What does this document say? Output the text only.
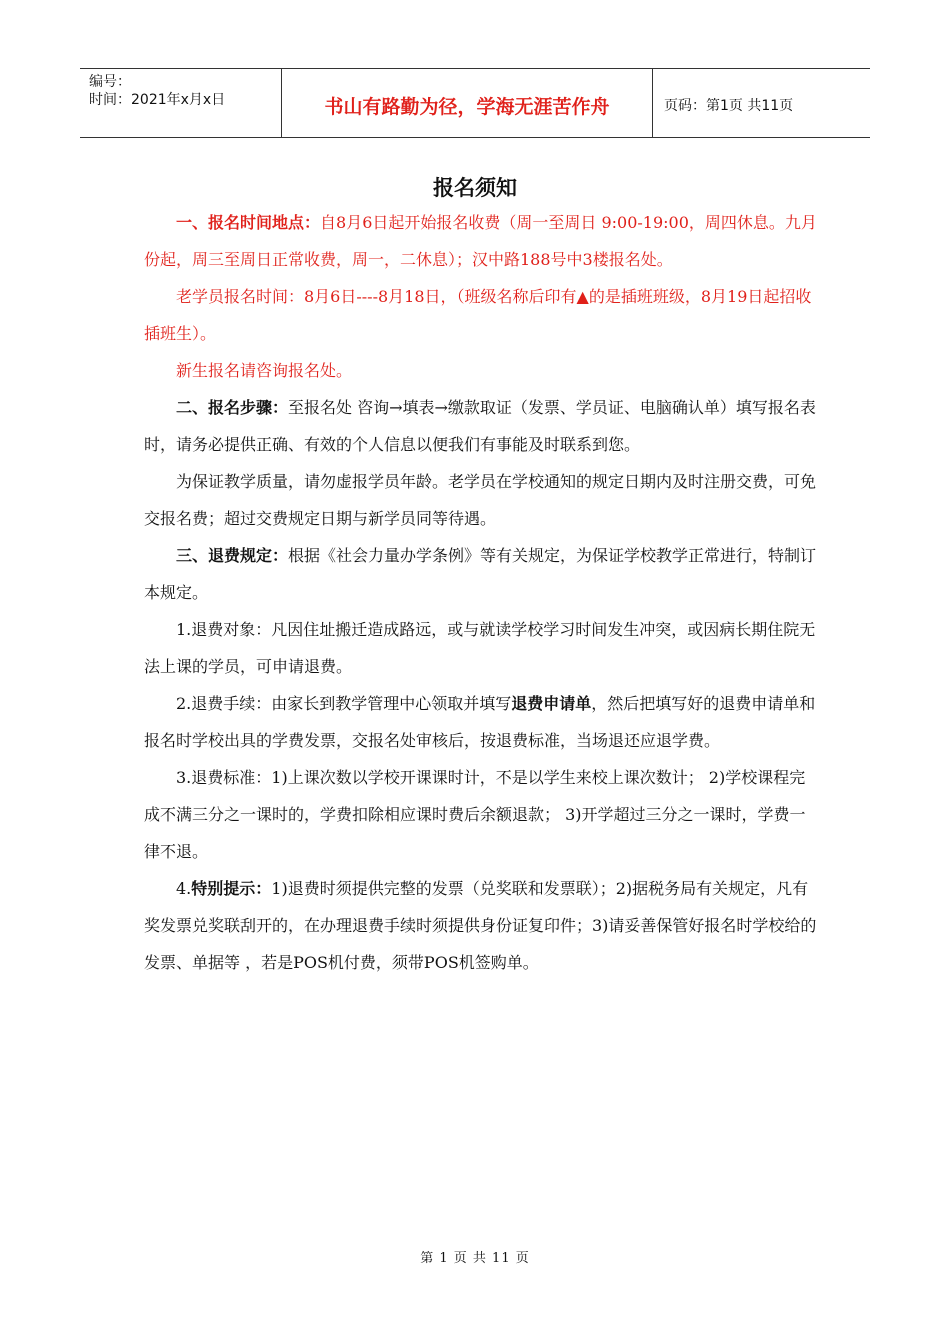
编号：
时间：2021年x月x日	书山有路勤为径，学海无涯苦作舟	页码：第1页 共11页
报名须知

一、报名时间地点：自8月6日起开始报名收费（周一至周日 9:00-19:00，周四休息。九月份起，周三至周日正常收费，周一，二休息）；汉中路188号中3楼报名处。

老学员报名时间：8月6日----8月18日，（班级名称后印有▲的是插班班级，8月19日起招收插班生）。

新生报名请咨询报名处。

二、报名步骤：至报名处 咨询→填表→缴款取证（发票、学员证、电脑确认单）填写报名表时，请务必提供正确、有效的个人信息以便我们有事能及时联系到您。

为保证教学质量，请勿虚报学员年龄。老学员在学校通知的规定日期内及时注册交费，可免交报名费；超过交费规定日期与新学员同等待遇。

三、退费规定：根据《社会力量办学条例》等有关规定，为保证学校教学正常进行，特制订本规定。

1.退费对象：凡因住址搬迁造成路远，或与就读学校学习时间发生冲突，或因病长期住院无法上课的学员，可申请退费。

2.退费手续：由家长到教学管理中心领取并填写退费申请单，然后把填写好的退费申请单和报名时学校出具的学费发票，交报名处审核后，按退费标准，当场退还应退学费。

3.退费标准：1)上课次数以学校开课课时计，不是以学生来校上课次数计； 2)学校课程完成不满三分之一课时的，学费扣除相应课时费后余额退款； 3)开学超过三分之一课时，学费一律不退。

4.特别提示：1)退费时须提供完整的发票（兑奖联和发票联）；2)据税务局有关规定，凡有奖发票兑奖联刮开的，在办理退费手续时须提供身份证复印件；3)请妥善保管好报名时学校给的发票、单据等 ，若是POS机付费，须带POS机签购单。

第 1 页 共 11 页
